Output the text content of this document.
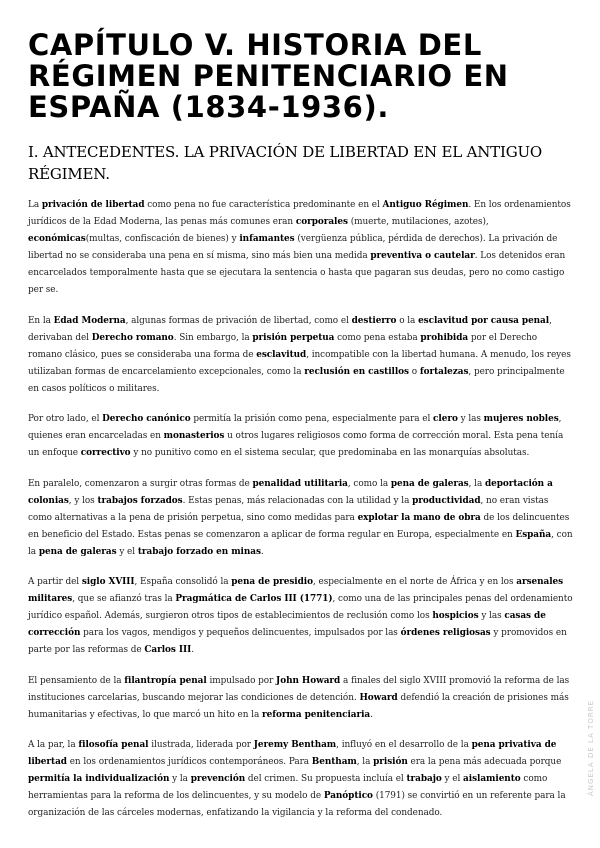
CAPÍTULO V. HISTORIA DEL RÉGIMEN PENITENCIARIO EN ESPAÑA (1834-1936).
I. ANTECEDENTES. LA PRIVACIÓN DE LIBERTAD EN EL ANTIGUO RÉGIMEN.

La privación de libertad como pena no fue característica predominante en el Antiguo Régimen. En los ordenamientos jurídicos de la Edad Moderna, las penas más comunes eran corporales (muerte, mutilaciones, azotes), económicas(multas, confiscación de bienes) y infamantes (vergüenza pública, pérdida de derechos). La privación de libertad no se consideraba una pena en sí misma, sino más bien una medida preventiva o cautelar. Los detenidos eran encarcelados temporalmente hasta que se ejecutara la sentencia o hasta que pagaran sus deudas, pero no como castigo per se.

En la Edad Moderna, algunas formas de privación de libertad, como el destierro o la esclavitud por causa penal, derivaban del Derecho romano. Sin embargo, la prisión perpetua como pena estaba prohibida por el Derecho romano clásico, pues se consideraba una forma de esclavitud, incompatible con la libertad humana. A menudo, los reyes utilizaban formas de encarcelamiento excepcionales, como la reclusión en castillos o fortalezas, pero principalmente en casos políticos o militares.

Por otro lado, el Derecho canónico permitía la prisión como pena, especialmente para el clero y las mujeres nobles, quienes eran encarceladas en monasterios u otros lugares religiosos como forma de corrección moral. Esta pena tenía un enfoque correctivo y no punitivo como en el sistema secular, que predominaba en las monarquías absolutas.

En paralelo, comenzaron a surgir otras formas de penalidad utilitaria, como la pena de galeras, la deportación a colonias, y los trabajos forzados. Estas penas, más relacionadas con la utilidad y la productividad, no eran vistas como alternativas a la pena de prisión perpetua, sino como medidas para explotar la mano de obra de los delincuentes en beneficio del Estado. Estas penas se comenzaron a aplicar de forma regular en Europa, especialmente en España, con la pena de galeras y el trabajo forzado en minas.

A partir del siglo XVIII, España consolidó la pena de presidio, especialmente en el norte de África y en los arsenales militares, que se afianzó tras la Pragmática de Carlos III (1771), como una de las principales penas del ordenamiento jurídico español. Además, surgieron otros tipos de establecimientos de reclusión como los hospicios y las casas de corrección para los vagos, mendigos y pequeños delincuentes, impulsados por las órdenes religiosas y promovidos en parte por las reformas de Carlos III.

El pensamiento de la filantropía penal impulsado por John Howard a finales del siglo XVIII promovió la reforma de las instituciones carcelarias, buscando mejorar las condiciones de detención. Howard defendió la creación de prisiones más humanitarias y efectivas, lo que marcó un hito en la reforma penitenciaria.

A la par, la filosofía penal ilustrada, liderada por Jeremy Bentham, influyó en el desarrollo de la pena privativa de libertad en los ordenamientos jurídicos contemporáneos. Para Bentham, la prisión era la pena más adecuada porque permitía la individualización y la prevención del crimen. Su propuesta incluía el trabajo y el aislamiento como herramientas para la reforma de los delincuentes, y su modelo de Panóptico (1791) se convirtió en un referente para la organización de las cárceles modernas, enfatizando la vigilancia y la reforma del condenado.

ÁNGELA DE LA TORRE
